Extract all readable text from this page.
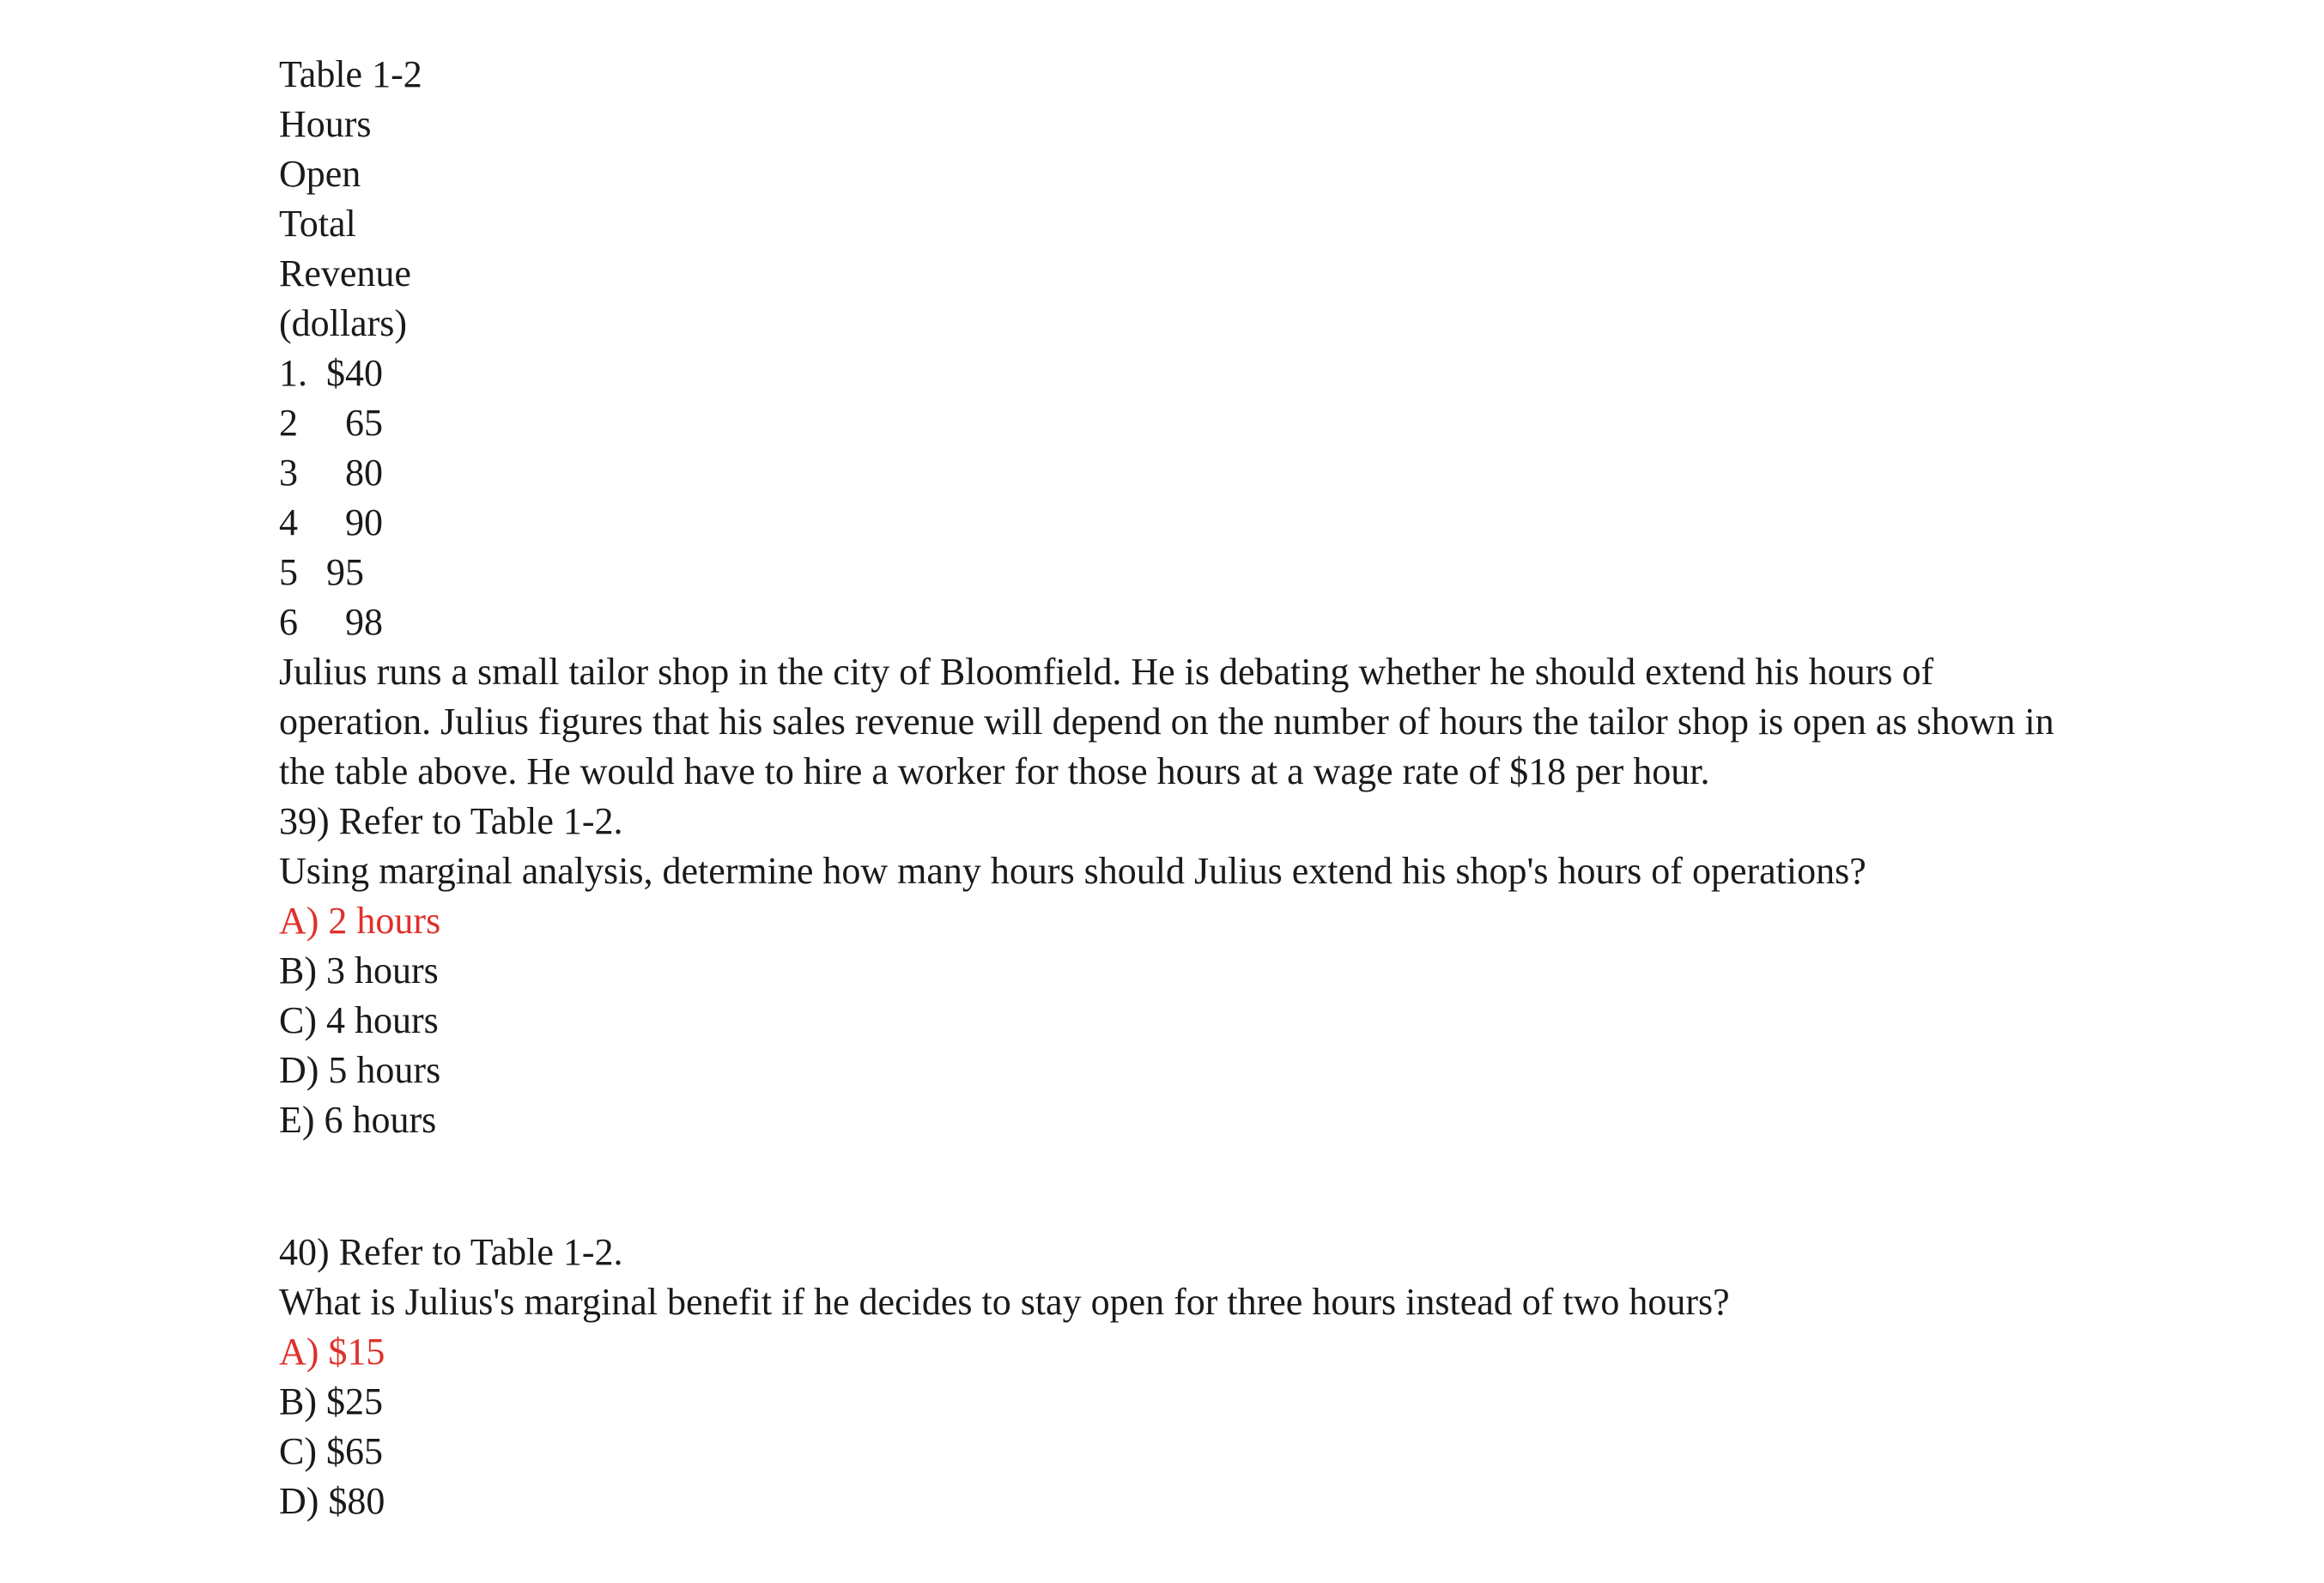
Table 1-2
Hours
Open
Total
Revenue
(dollars)
1.  $40
2     65
3     80
4     90
5   95
6     98
Julius runs a small tailor shop in the city of Bloomfield. He is debating whether he should extend his hours of operation. Julius figures that his sales revenue will depend on the number of hours the tailor shop is open as shown in the table above. He would have to hire a worker for those hours at a wage rate of $18 per hour.
39) Refer to Table 1-2.
Using marginal analysis, determine how many hours should Julius extend his shop's hours of operations?
A) 2 hours
B) 3 hours
C) 4 hours
D) 5 hours
E) 6 hours
40) Refer to Table 1-2.
What is Julius's marginal benefit if he decides to stay open for three hours instead of two hours?
A) $15
B) $25
C) $65
D) $80
